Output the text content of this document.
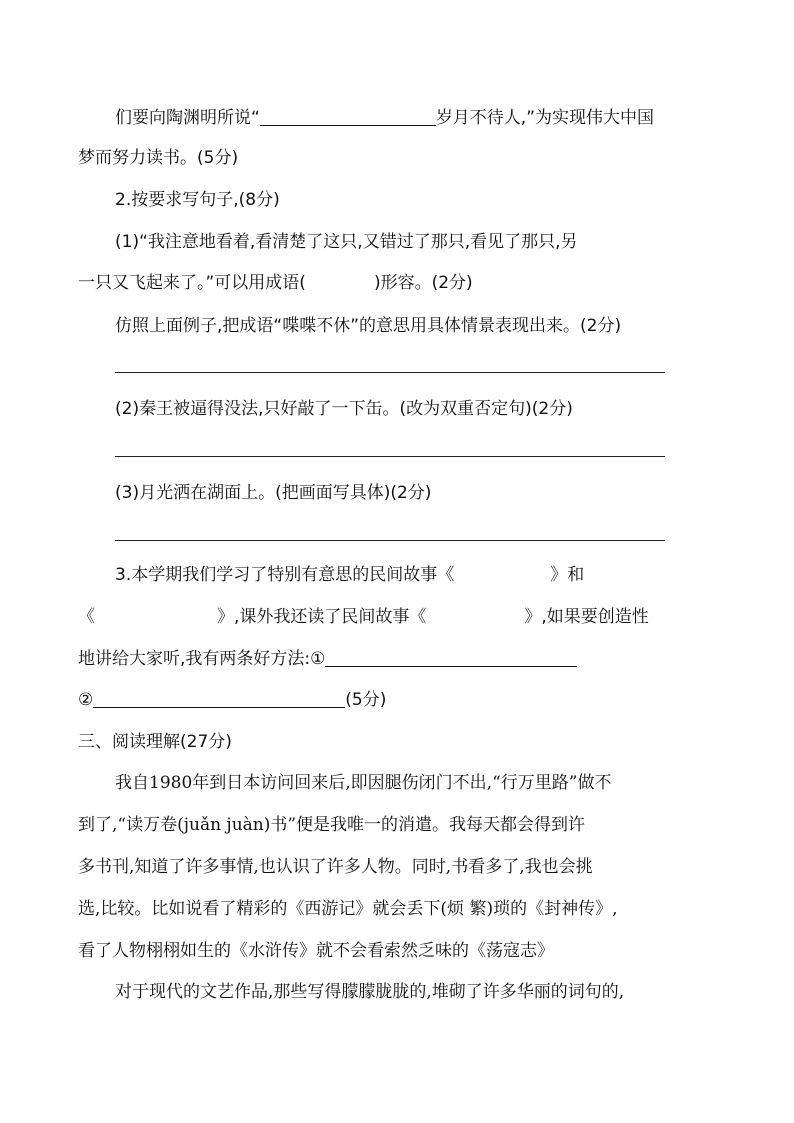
们要向陶渊明所说“	岁月不待人,”为实现伟大中国
梦而努力读书。(5分)
2.按要求写句子,(8分)
(1)“我注意地看着,看清楚了这只,又错过了那只,看见了那只,另
一只又飞起来了。”可以用成语(	)形容。(2分)
仿照上面例子,把成语“喋喋不休”的意思用具体情景表现出来。(2分)
(2)秦王被逼得没法,只好敲了一下缶。(改为双重否定句)(2分)
(3)月光洒在湖面上。(把画面写具体)(2分)
3.本学期我们学习了特别有意思的民间故事《	》和
《	》,课外我还读了民间故事《	》,如果要创造性
地讲给大家听,我有两条好方法:①
②	(5分)
三、阅读理解(27分)
我自1980年到日本访问回来后,即因腿伤闭门不出,“行万里路”做不
到了,“读万卷(juǎn juàn)书”便是我唯一的消遣。我每天都会得到许
多书刊,知道了许多事情,也认识了许多人物。同时,书看多了,我也会挑
选,比较。比如说看了精彩的《西游记》就会丢下(烦 繁)琐的《封神传》,
看了人物栩栩如生的《水浒传》就不会看索然乏味的《荡寇志》
对于现代的文艺作品,那些写得朦朦胧胧的,堆砌了许多华丽的词句的,
